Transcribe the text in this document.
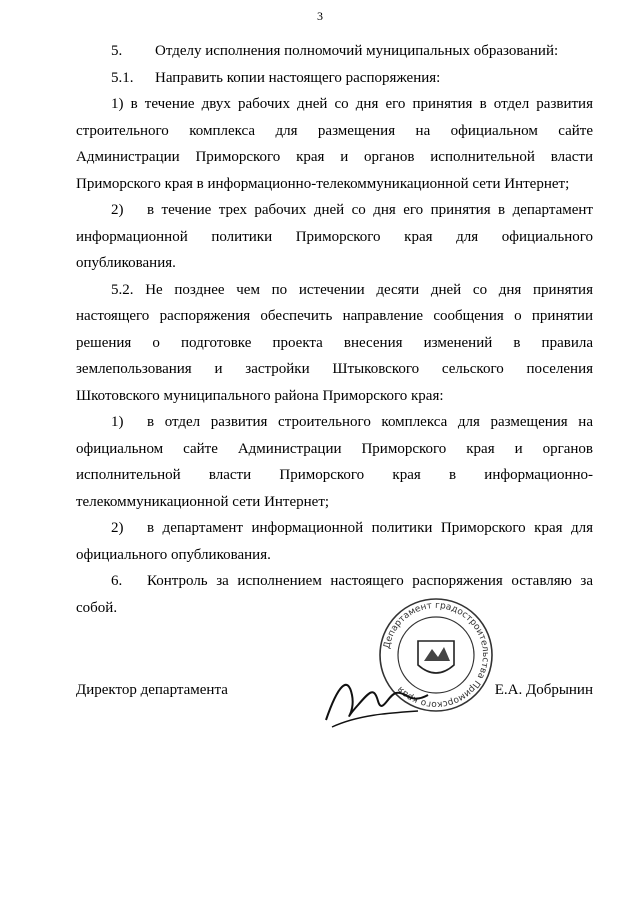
3
5. Отделу исполнения полномочий муниципальных образований:
5.1. Направить копии настоящего распоряжения:
1) в течение двух рабочих дней со дня его принятия в отдел развития
строительного комплекса для размещения на официальном сайте
Администрации Приморского края и органов исполнительной власти
Приморского края в информационно-телекоммуникационной сети Интернет;
2) в течение трех рабочих дней со дня его принятия в департамент
информационной политики Приморского края для официального
опубликования.
5.2. Не позднее чем по истечении десяти дней со дня принятия
настоящего распоряжения обеспечить направление сообщения о принятии
решения о подготовке проекта внесения изменений в правила
землепользования и застройки Штыковского сельского поселения
Шкотовского муниципального района Приморского края:
1) в отдел развития строительного комплекса для размещения на
официальном сайте Администрации Приморского края и органов
исполнительной власти Приморского края в информационно-
телекоммуникационной сети Интернет;
2) в департамент информационной политики Приморского края для
официального опубликования.
6. Контроль за исполнением настоящего распоряжения оставляю за
собой.
Департамент градостроительства Приморского края
Директор департамента	Е.А. Добрынин
